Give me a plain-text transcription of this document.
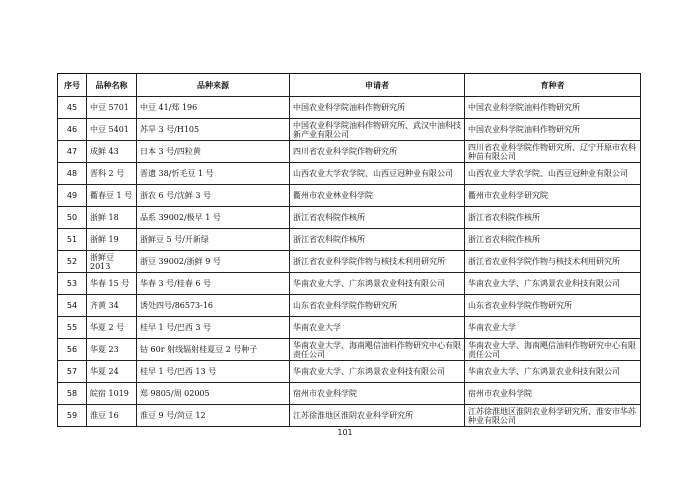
序号	品种名称	品种来源	申请者	育种者
45	中豆 5701	中豆 41/郑 196	中国农业科学院油料作物研究所	中国农业科学院油料作物研究所
46	中豆 5401	苏旱 3 号/H105	中国农业科学院油料作物研究所、武汉中油科技新产业有限公司	中国农业科学院油料作物研究所
47	成鲜 43	日本 3 号/四粒黄	四川省农业科学院作物研究所	四川省农业科学院作物研究所、辽宁开原市农科种苗有限公司
48	晋科 2 号	晋遗 38/忻毛豆 1 号	山西农业大学农学院、山西豆冠种业有限公司	山西农业大学农学院、山西豆冠种业有限公司
49	衢春豆 1 号	浙农 6 号/沈鲜 3 号	衢州市农业林业科学院	衢州市农业科学研究院
50	浙鲜 18	品系 39002/极早 1 号	浙江省农科院作核所	浙江省农科院作核所
51	浙鲜 19	浙鲜豆 5 号/开新绿	浙江省农科院作核所	浙江省农科院作核所
52	浙鲜豆 2013	浙豆 39002/浙鲜 9 号	浙江省农业科学院作物与核技术利用研究所	浙江省农业科学院作物与核技术利用研究所
53	华春 15 号	华春 3 号/桂春 6 号	华南农业大学、广东鸿景农业科技有限公司	华南农业大学、广东鸿景农业科技有限公司
54	齐黄 34	诱处四号/86573-16	山东省农业科学院作物研究所	山东省农业科学院作物研究所
55	华夏 2 号	桂早 1 号/巴西 3 号	华南农业大学	华南农业大学
56	华夏 23	钴 60r 射线辐射桂夏豆 2 号种子	华南农业大学、海南飓信油料作物研究中心有限责任公司	华南农业大学、海南飓信油料作物研究中心有限责任公司
57	华夏 24	桂早 1 号/巴西 13 号	华南农业大学、广东鸿景农业科技有限公司	华南农业大学、广东鸿景农业科技有限公司
58	皖宿 1019	郑 9805/周 02005	宿州市农业科学院	宿州市农业科学院
59	淮豆 16	淮豆 9 号/菏豆 12	江苏徐淮地区淮阴农业科学研究所	江苏徐淮地区淮阴农业科学研究所、淮安市华苏种业有限公司
101
